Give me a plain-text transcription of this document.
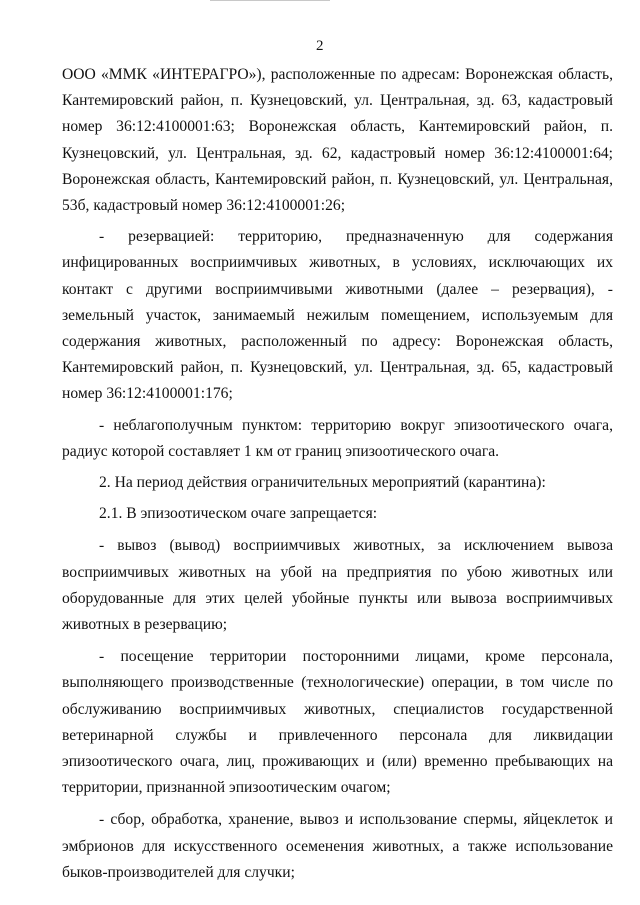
2

ООО «ММК «ИНТЕРАГРО»), расположенные по адресам: Воронежская область, Кантемировский район, п. Кузнецовский, ул. Центральная, зд. 63, кадастровый номер 36:12:4100001:63; Воронежская область, Кантемировский район, п. Кузнецовский, ул. Центральная, зд. 62, кадастровый номер 36:12:4100001:64; Воронежская область, Кантемировский район, п. Кузнецовский, ул. Центральная, 53б, кадастровый номер 36:12:4100001:26;

- резервацией: территорию, предназначенную для содержания инфицированных восприимчивых животных, в условиях, исключающих их контакт с другими восприимчивыми животными (далее – резервация), - земельный участок, занимаемый нежилым помещением, используемым для содержания животных, расположенный по адресу: Воронежская область, Кантемировский район, п. Кузнецовский, ул. Центральная, зд. 65, кадастровый номер 36:12:4100001:176;

- неблагополучным пунктом: территорию вокруг эпизоотического очага, радиус которой составляет 1 км от границ эпизоотического очага.

2. На период действия ограничительных мероприятий (карантина):

2.1. В эпизоотическом очаге запрещается:

- вывоз (вывод) восприимчивых животных, за исключением вывоза восприимчивых животных на убой на предприятия по убою животных или оборудованные для этих целей убойные пункты или вывоза восприимчивых животных в резервацию;

- посещение территории посторонними лицами, кроме персонала, выполняющего производственные (технологические) операции, в том числе по обслуживанию восприимчивых животных, специалистов государственной ветеринарной службы и привлеченного персонала для ликвидации эпизоотического очага, лиц, проживающих и (или) временно пребывающих на территории, признанной эпизоотическим очагом;

- сбор, обработка, хранение, вывоз и использование спермы, яйцеклеток и эмбрионов для искусственного осеменения животных, а также использование быков-производителей для случки;
